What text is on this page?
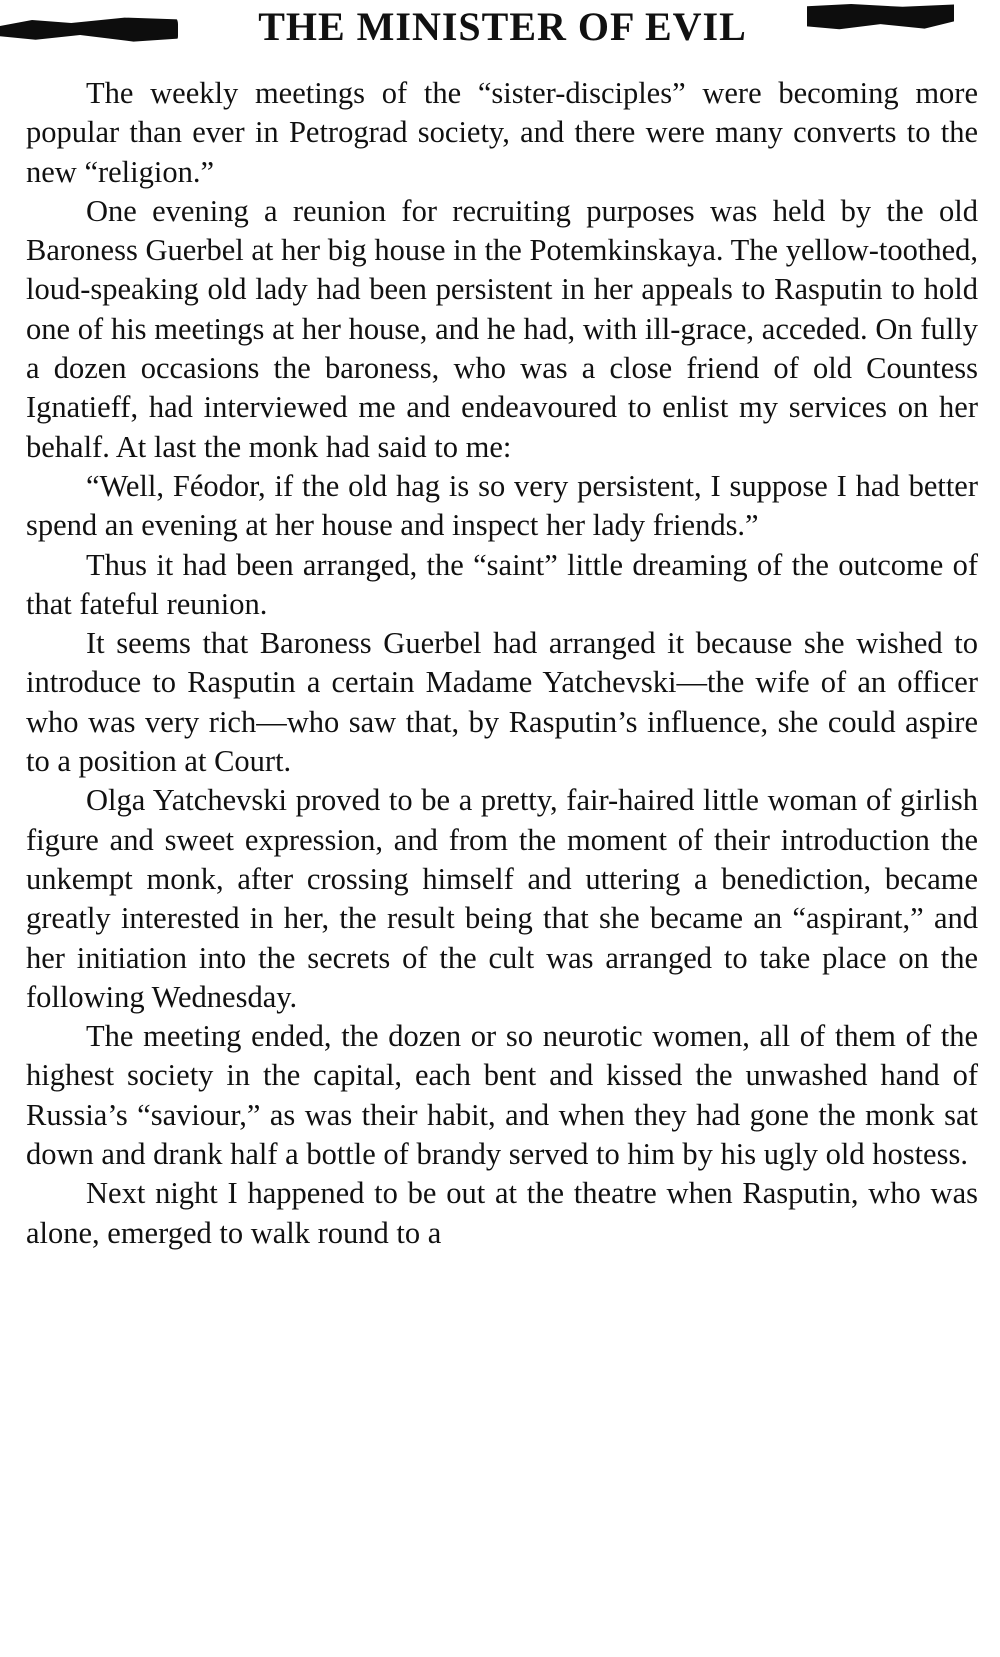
THE MINISTER OF EVIL

The weekly meetings of the “sister-disciples” were becoming more popular than ever in Petrograd society, and there were many converts to the new “religion.”

One evening a reunion for recruiting purposes was held by the old Baroness Guerbel at her big house in the Potemkinskaya. The yellow-toothed, loud-speaking old lady had been persistent in her appeals to Rasputin to hold one of his meetings at her house, and he had, with ill-grace, acceded. On fully a dozen occasions the baroness, who was a close friend of old Countess Ignatieff, had interviewed me and endeavoured to enlist my services on her behalf. At last the monk had said to me:

“Well, Féodor, if the old hag is so very persistent, I suppose I had better spend an evening at her house and inspect her lady friends.”

Thus it had been arranged, the “saint” little dreaming of the outcome of that fateful reunion.

It seems that Baroness Guerbel had arranged it because she wished to introduce to Rasputin a certain Madame Yatchevski—the wife of an officer who was very rich—who saw that, by Rasputin’s influence, she could aspire to a position at Court.

Olga Yatchevski proved to be a pretty, fair-haired little woman of girlish figure and sweet expression, and from the moment of their introduction the unkempt monk, after crossing himself and uttering a benediction, became greatly interested in her, the result being that she became an “aspirant,” and her initiation into the secrets of the cult was arranged to take place on the following Wednesday.

The meeting ended, the dozen or so neurotic women, all of them of the highest society in the capital, each bent and kissed the unwashed hand of Russia’s “saviour,” as was their habit, and when they had gone the monk sat down and drank half a bottle of brandy served to him by his ugly old hostess.

Next night I happened to be out at the theatre when Rasputin, who was alone, emerged to walk round to a
